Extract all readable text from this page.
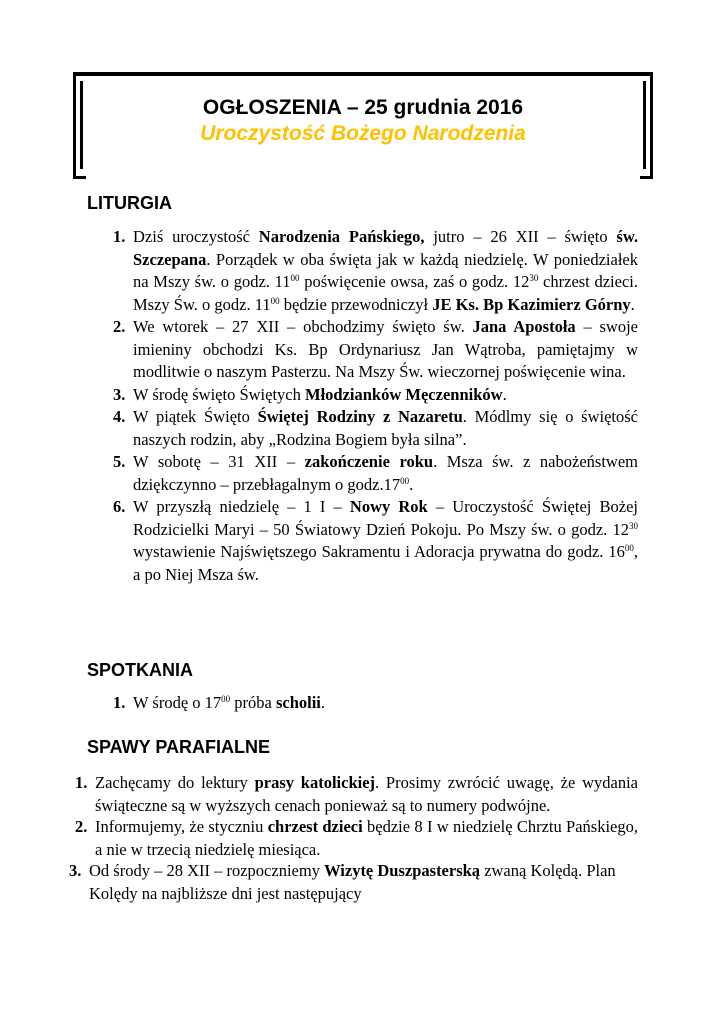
OGŁOSZENIA – 25 grudnia 2016
Uroczystość Bożego Narodzenia
LITURGIA
1. Dziś uroczystość Narodzenia Pańskiego, jutro – 26 XII – święto św. Szczepana. Porządek w oba święta jak w każdą niedzielę. W poniedziałek na Mszy św. o godz. $11^{00}$ poświęcenie owsa, zaś o godz. $12^{30}$ chrzest dzieci. Mszy Św. o godz. $11^{00}$ będzie przewodniczył JE Ks. Bp Kazimierz Górny.
2. We wtorek – 27 XII – obchodzimy święto św. Jana Apostoła – swoje imieniny obchodzi Ks. Bp Ordynariusz Jan Wątroba, pamiętajmy w modlitwie o naszym Pasterzu. Na Mszy Św. wieczornej poświęcenie wina.
3. W środę święto Świętych Młodzianków Męczenników.
4. W piątek Święto Świętej Rodziny z Nazaretu. Módlmy się o świętość naszych rodzin, aby „Rodzina Bogiem była silna”.
5. W sobotę – 31 XII – zakończenie roku. Msza św. z nabożeństwem dziękczynno – przebłagalnym o $godz.17^{00}$.
6. W przyszłą niedzielę – 1 I – Nowy Rok – Uroczystość Świętej Bożej Rodzicielki Maryi – 50 Światowy Dzień Pokoju. Po Mszy św. o godz. $12^{30}$ wystawienie Najświętszego Sakramentu i Adoracja prywatna do godz. $16^{00}$, a po Niej Msza św.
SPOTKANIA
1. W środę o $17^{00}$ próba scholii.
SPAWY PARAFIALNE
1. Zachęcamy do lektury prasy katolickiej. Prosimy zwrócić uwagę, że wydania świąteczne są w wyższych cenach ponieważ są to numery podwójne.
2. Informujemy, że styczniu chrzest dzieci będzie 8 I w niedzielę Chrztu Pańskiego, a nie w trzecią niedzielę miesiąca.
3. Od środy – 28 XII – rozpoczniemy Wizytę Duszpasterską zwaną Kolędą. Plan Kolędy na najbliższe dni jest następujący
